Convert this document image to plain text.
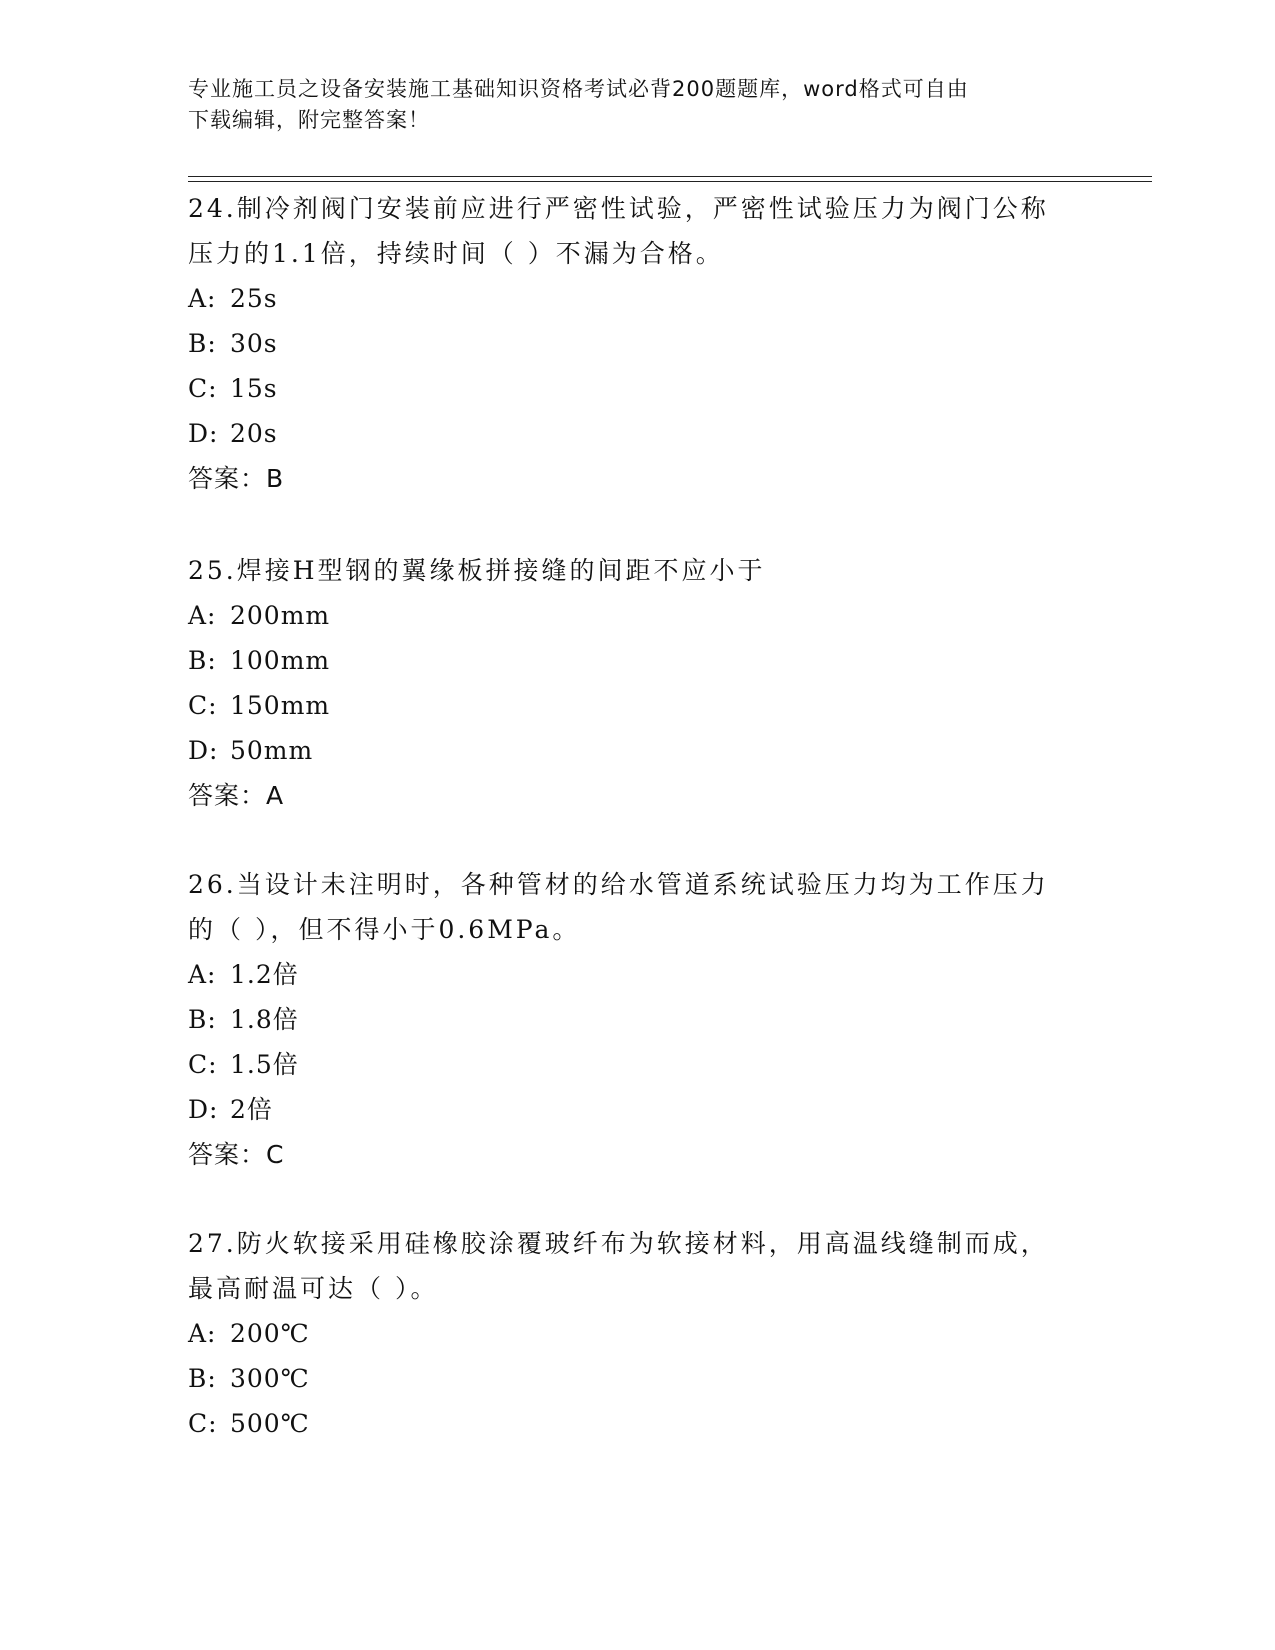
专业施工员之设备安装施工基础知识资格考试必背200题题库，word格式可自由
下载编辑，附完整答案！

24.制冷剂阀门安装前应进行严密性试验，严密性试验压力为阀门公称

压力的1.1倍，持续时间（ ）不漏为合格。

A: 25s

B: 30s

C: 15s

D: 20s

答案：B

25.焊接H型钢的翼缘板拼接缝的间距不应小于

A: 200mm

B: 100mm

C: 150mm

D: 50mm

答案：A

26.当设计未注明时，各种管材的给水管道系统试验压力均为工作压力

的（ ），但不得小于0.6MPa。

A: 1.2倍

B: 1.8倍

C: 1.5倍

D: 2倍

答案：C

27.防火软接采用硅橡胶涂覆玻纤布为软接材料，用高温线缝制而成，

最高耐温可达（ ）。

A: 200℃

B: 300℃

C: 500℃
